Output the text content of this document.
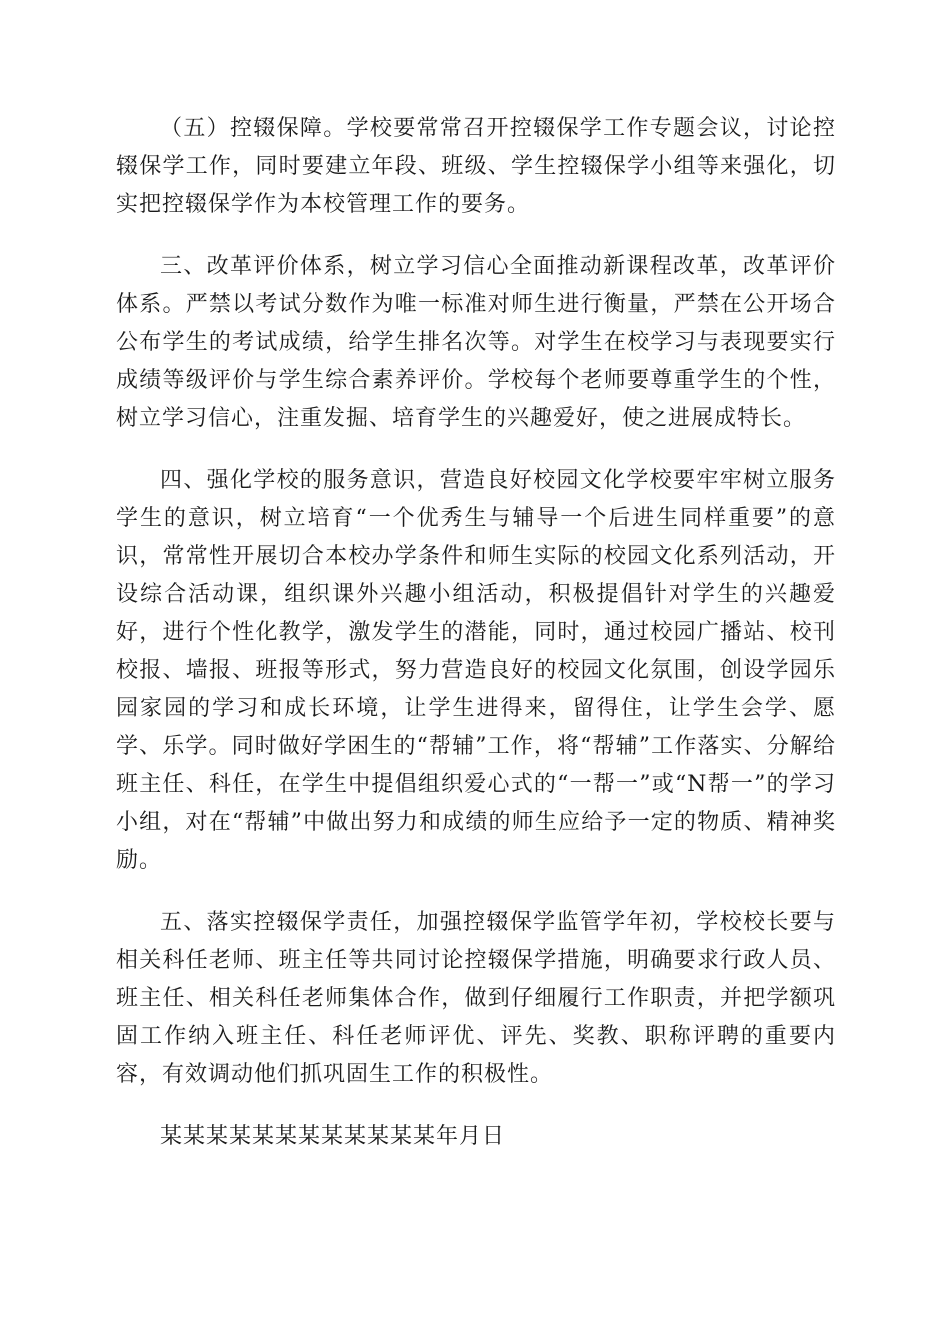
（五）控辍保障。学校要常常召开控辍保学工作专题会议，讨论控辍保学工作，同时要建立年段、班级、学生控辍保学小组等来强化，切实把控辍保学作为本校管理工作的要务。

三、改革评价体系，树立学习信心全面推动新课程改革，改革评价体系。严禁以考试分数作为唯一标准对师生进行衡量，严禁在公开场合公布学生的考试成绩，给学生排名次等。对学生在校学习与表现要实行成绩等级评价与学生综合素养评价。学校每个老师要尊重学生的个性，树立学习信心，注重发掘、培育学生的兴趣爱好，使之进展成特长。

四、强化学校的服务意识，营造良好校园文化学校要牢牢树立服务学生的意识，树立培育“一个优秀生与辅导一个后进生同样重要”的意识，常常性开展切合本校办学条件和师生实际的校园文化系列活动，开设综合活动课，组织课外兴趣小组活动，积极提倡针对学生的兴趣爱好，进行个性化教学，激发学生的潜能，同时，通过校园广播站、校刊校报、墙报、班报等形式，努力营造良好的校园文化氛围，创设学园乐园家园的学习和成长环境，让学生进得来，留得住，让学生会学、愿学、乐学。同时做好学困生的“帮辅”工作，将“帮辅”工作落实、分解给班主任、科任，在学生中提倡组织爱心式的“一帮一”或“N帮一”的学习小组，对在“帮辅”中做出努力和成绩的师生应给予一定的物质、精神奖励。

五、落实控辍保学责任，加强控辍保学监管学年初，学校校长要与相关科任老师、班主任等共同讨论控辍保学措施，明确要求行政人员、班主任、相关科任老师集体合作，做到仔细履行工作职责，并把学额巩固工作纳入班主任、科任老师评优、评先、奖教、职称评聘的重要内容，有效调动他们抓巩固生工作的积极性。

某某某某某某某某某某某某年月日
